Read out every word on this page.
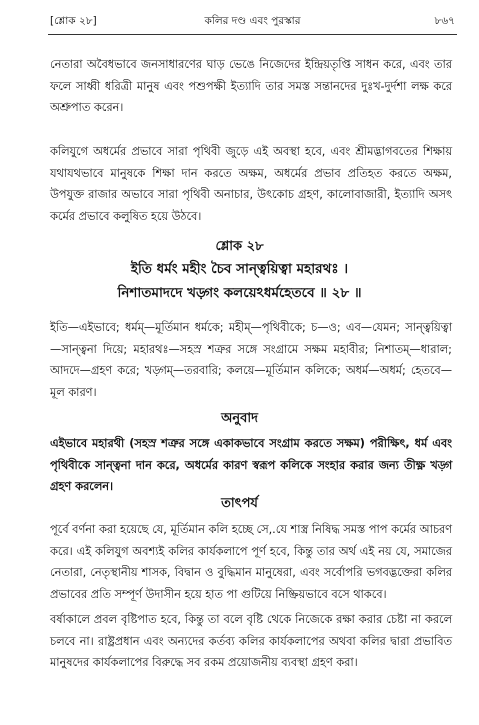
[শ্লোক ২৮]	কলির দণ্ড এবং পুরস্কার	৮৬৭

নেতারা অবৈধভাবে জনসাধারণের ঘাড় ভেঙে নিজেদের ইন্দ্রিয়তৃপ্তি সাধন করে, এবং তার ফলে সাধ্বী ধরিত্রী মানুষ এবং পশুপক্ষী ইত্যাদি তার সমস্ত সন্তানদের দুঃখ-দুর্দশা লক্ষ করে অশ্রুপাত করেন।

কলিযুগে অধর্মের প্রভাবে সারা পৃথিবী জুড়ে এই অবস্থা হবে, এবং শ্রীমদ্ভাগবতের শিক্ষায় যথাযথভাবে মানুষকে শিক্ষা দান করতে অক্ষম, অধর্মের প্রভাব প্রতিহত করতে অক্ষম, উপযুক্ত রাজার অভাবে সারা পৃথিবী অনাচার, উৎকোচ গ্রহণ, কালোবাজারী, ইত্যাদি অসৎ কর্মের প্রভাবে কলুষিত হয়ে উঠবে।

শ্লোক ২৮
ইতি ধর্মং মহীং চৈব সান্ত্বয়িত্বা মহারথঃ ।
নিশাতমাদদে খড়্গং কলয়েঽধর্মহেতবে ॥ ২৮ ॥

ইতি—এইভাবে; ধর্মম্—মূর্তিমান ধর্মকে; মহীম্—পৃথিবীকে; চ—ও; এব—যেমন; সান্ত্বয়িত্বা—সান্ত্বনা দিয়ে; মহারথঃ—সহস্র শত্রুর সঙ্গে সংগ্রামে সক্ষম মহাবীর; নিশাতম্—ধারাল; আদদে—গ্রহণ করে; খড়্গম্—তরবারি; কলয়ে—মূর্তিমান কলিকে; অধর্ম—অধর্ম; হেতবে—মূল কারণ।

অনুবাদ

এইভাবে মহারথী (সহস্র শত্রুর সঙ্গে একাকভাবে সংগ্রাম করতে সক্ষম) পরীক্ষিৎ, ধর্ম এবং পৃথিবীকে সান্ত্বনা দান করে, অধর্মের কারণ স্বরূপ কলিকে সংহার করার জন্য তীক্ষ্ণ খড়্গ গ্রহণ করলেন।

তাৎপর্য

পূর্বে বর্ণনা করা হয়েছে যে, মূর্তিমান কলি হচ্ছে সে,.যে শাস্ত্র নিষিদ্ধ সমস্ত পাপ কর্মের আচরণ করে। এই কলিযুগ অবশ্যই কলির কার্যকলাপে পূর্ণ হবে, কিন্তু তার অর্থ এই নয় যে, সমাজের নেতারা, নেতৃস্থানীয় শাসক, বিদ্বান ও বুদ্ধিমান মানুষেরা, এবং সর্বোপরি ভগবদ্ভক্তেরা কলির প্রভাবের প্রতি সম্পূর্ণ উদাসীন হয়ে হাত পা গুটিয়ে নিষ্ক্রিয়ভাবে বসে থাকবে।

বর্ষাকালে প্রবল বৃষ্টিপাত হবে, কিন্তু তা বলে বৃষ্টি থেকে নিজেকে রক্ষা করার চেষ্টা না করলে চলবে না। রাষ্ট্রপ্রধান এবং অন্যদের কর্তব্য কলির কার্যকলাপের অথবা কলির দ্বারা প্রভাবিত মানুষদের কার্যকলাপের বিরুদ্ধে সব রকম প্রয়োজনীয় ব্যবস্থা গ্রহণ করা।
